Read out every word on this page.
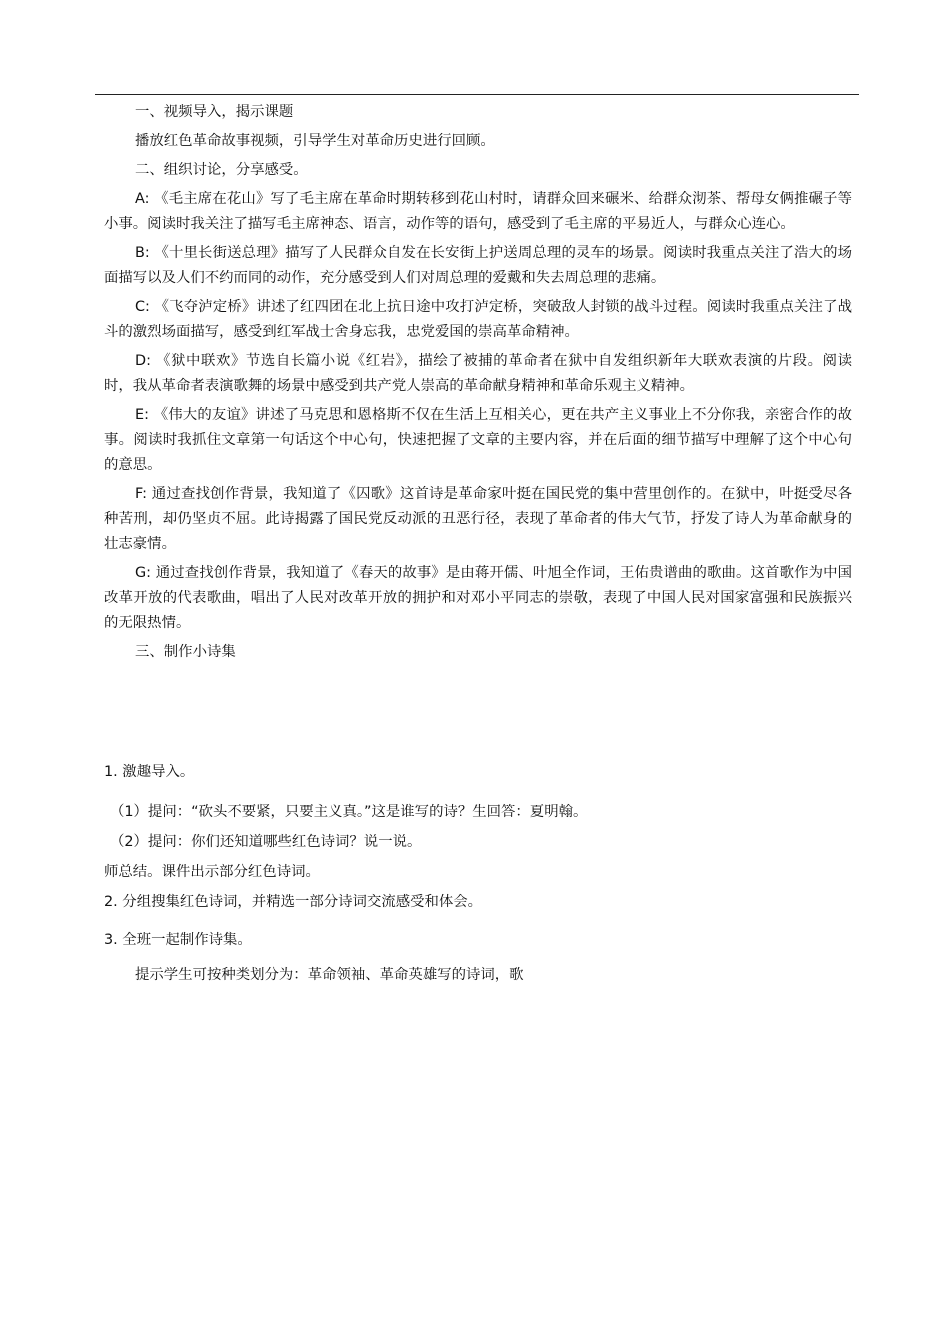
一、视频导入，揭示课题

播放红色革命故事视频，引导学生对革命历史进行回顾。

二、组织讨论，分享感受。

A: 《毛主席在花山》写了毛主席在革命时期转移到花山村时，请群众回来碾米、给群众沏茶、帮母女俩推碾子等小事。阅读时我关注了描写毛主席神态、语言，动作等的语句，感受到了毛主席的平易近人，与群众心连心。

B: 《十里长街送总理》描写了人民群众自发在长安街上护送周总理的灵车的场景。阅读时我重点关注了浩大的场面描写以及人们不约而同的动作，充分感受到人们对周总理的爱戴和失去周总理的悲痛。

C: 《飞夺泸定桥》讲述了红四团在北上抗日途中攻打泸定桥，突破敌人封锁的战斗过程。阅读时我重点关注了战斗的激烈场面描写，感受到红军战士舍身忘我，忠党爱国的崇高革命精神。

D: 《狱中联欢》节选自长篇小说《红岩》，描绘了被捕的革命者在狱中自发组织新年大联欢表演的片段。阅读时，我从革命者表演歌舞的场景中感受到共产党人崇高的革命献身精神和革命乐观主义精神。

E: 《伟大的友谊》讲述了马克思和恩格斯不仅在生活上互相关心，更在共产主义事业上不分你我，亲密合作的故事。阅读时我抓住文章第一句话这个中心句，快速把握了文章的主要内容，并在后面的细节描写中理解了这个中心句的意思。

F: 通过查找创作背景，我知道了《囚歌》这首诗是革命家叶挺在国民党的集中营里创作的。在狱中，叶挺受尽各种苦刑，却仍坚贞不屈。此诗揭露了国民党反动派的丑恶行径，表现了革命者的伟大气节，抒发了诗人为革命献身的壮志豪情。

G: 通过查找创作背景，我知道了《春天的故事》是由蒋开儒、叶旭全作词，王佑贵谱曲的歌曲。这首歌作为中国改革开放的代表歌曲，唱出了人民对改革开放的拥护和对邓小平同志的崇敬，表现了中国人民对国家富强和民族振兴的无限热情。

三、制作小诗集

1. 激趣导入。
（1）提问：“砍头不要紧，只要主义真。”这是谁写的诗？生回答：夏明翰。
（2）提问：你们还知道哪些红色诗词？说一说。
师总结。课件出示部分红色诗词。
2. 分组搜集红色诗词，并精选一部分诗词交流感受和体会。
3. 全班一起制作诗集。
提示学生可按种类划分为：革命领袖、革命英雄写的诗词，歌
